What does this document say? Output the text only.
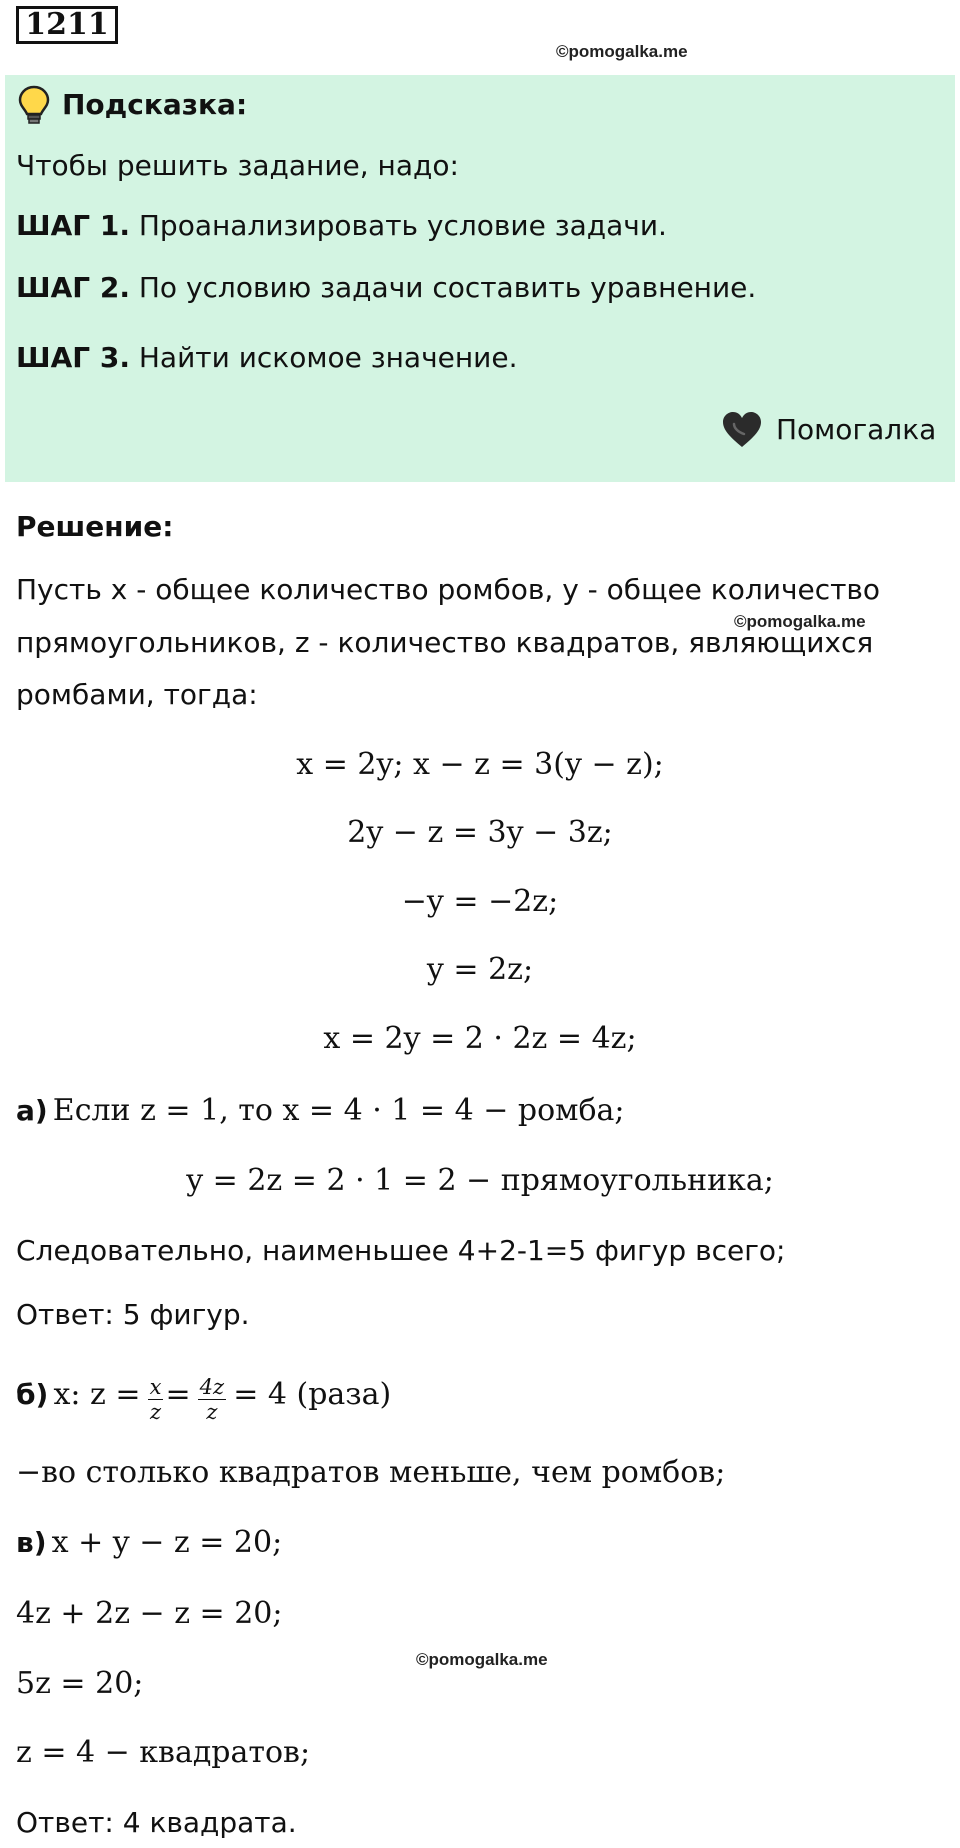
1211
©pomogalka.me
Подсказка:
Чтобы решить задание, надо:
ШАГ 1. Проанализировать условие задачи.
ШАГ 2. По условию задачи составить уравнение.
ШАГ 3. Найти искомое значение.
Помогалка
Решение:
Пусть x - общее количество ромбов, y - общее количество
©pomogalka.me
прямоугольников, z - количество квадратов, являющихся
ромбами, тогда:
x = 2y; x − z = 3(y − z);
2y − z = 3y − 3z;
−y = −2z;
y = 2z;
x = 2y = 2 · 2z = 4z;
а) Если z = 1, то x = 4 · 1 = 4 − ромба;
y = 2z = 2 · 1 = 2 − прямоугольника;
Следовательно, наименьшее 4+2-1=5 фигур всего;
Ответ: 5 фигур.
б) x: $z = \frac{x}{z} = \frac{4z}{z} = 4$ (раза)
−во столько квадратов меньше, чем ромбов;
в) x + y − z = 20;
4z + 2z − z = 20;
©pomogalka.me
5z = 20;
z = 4 − квадратов;
Ответ: 4 квадрата.
